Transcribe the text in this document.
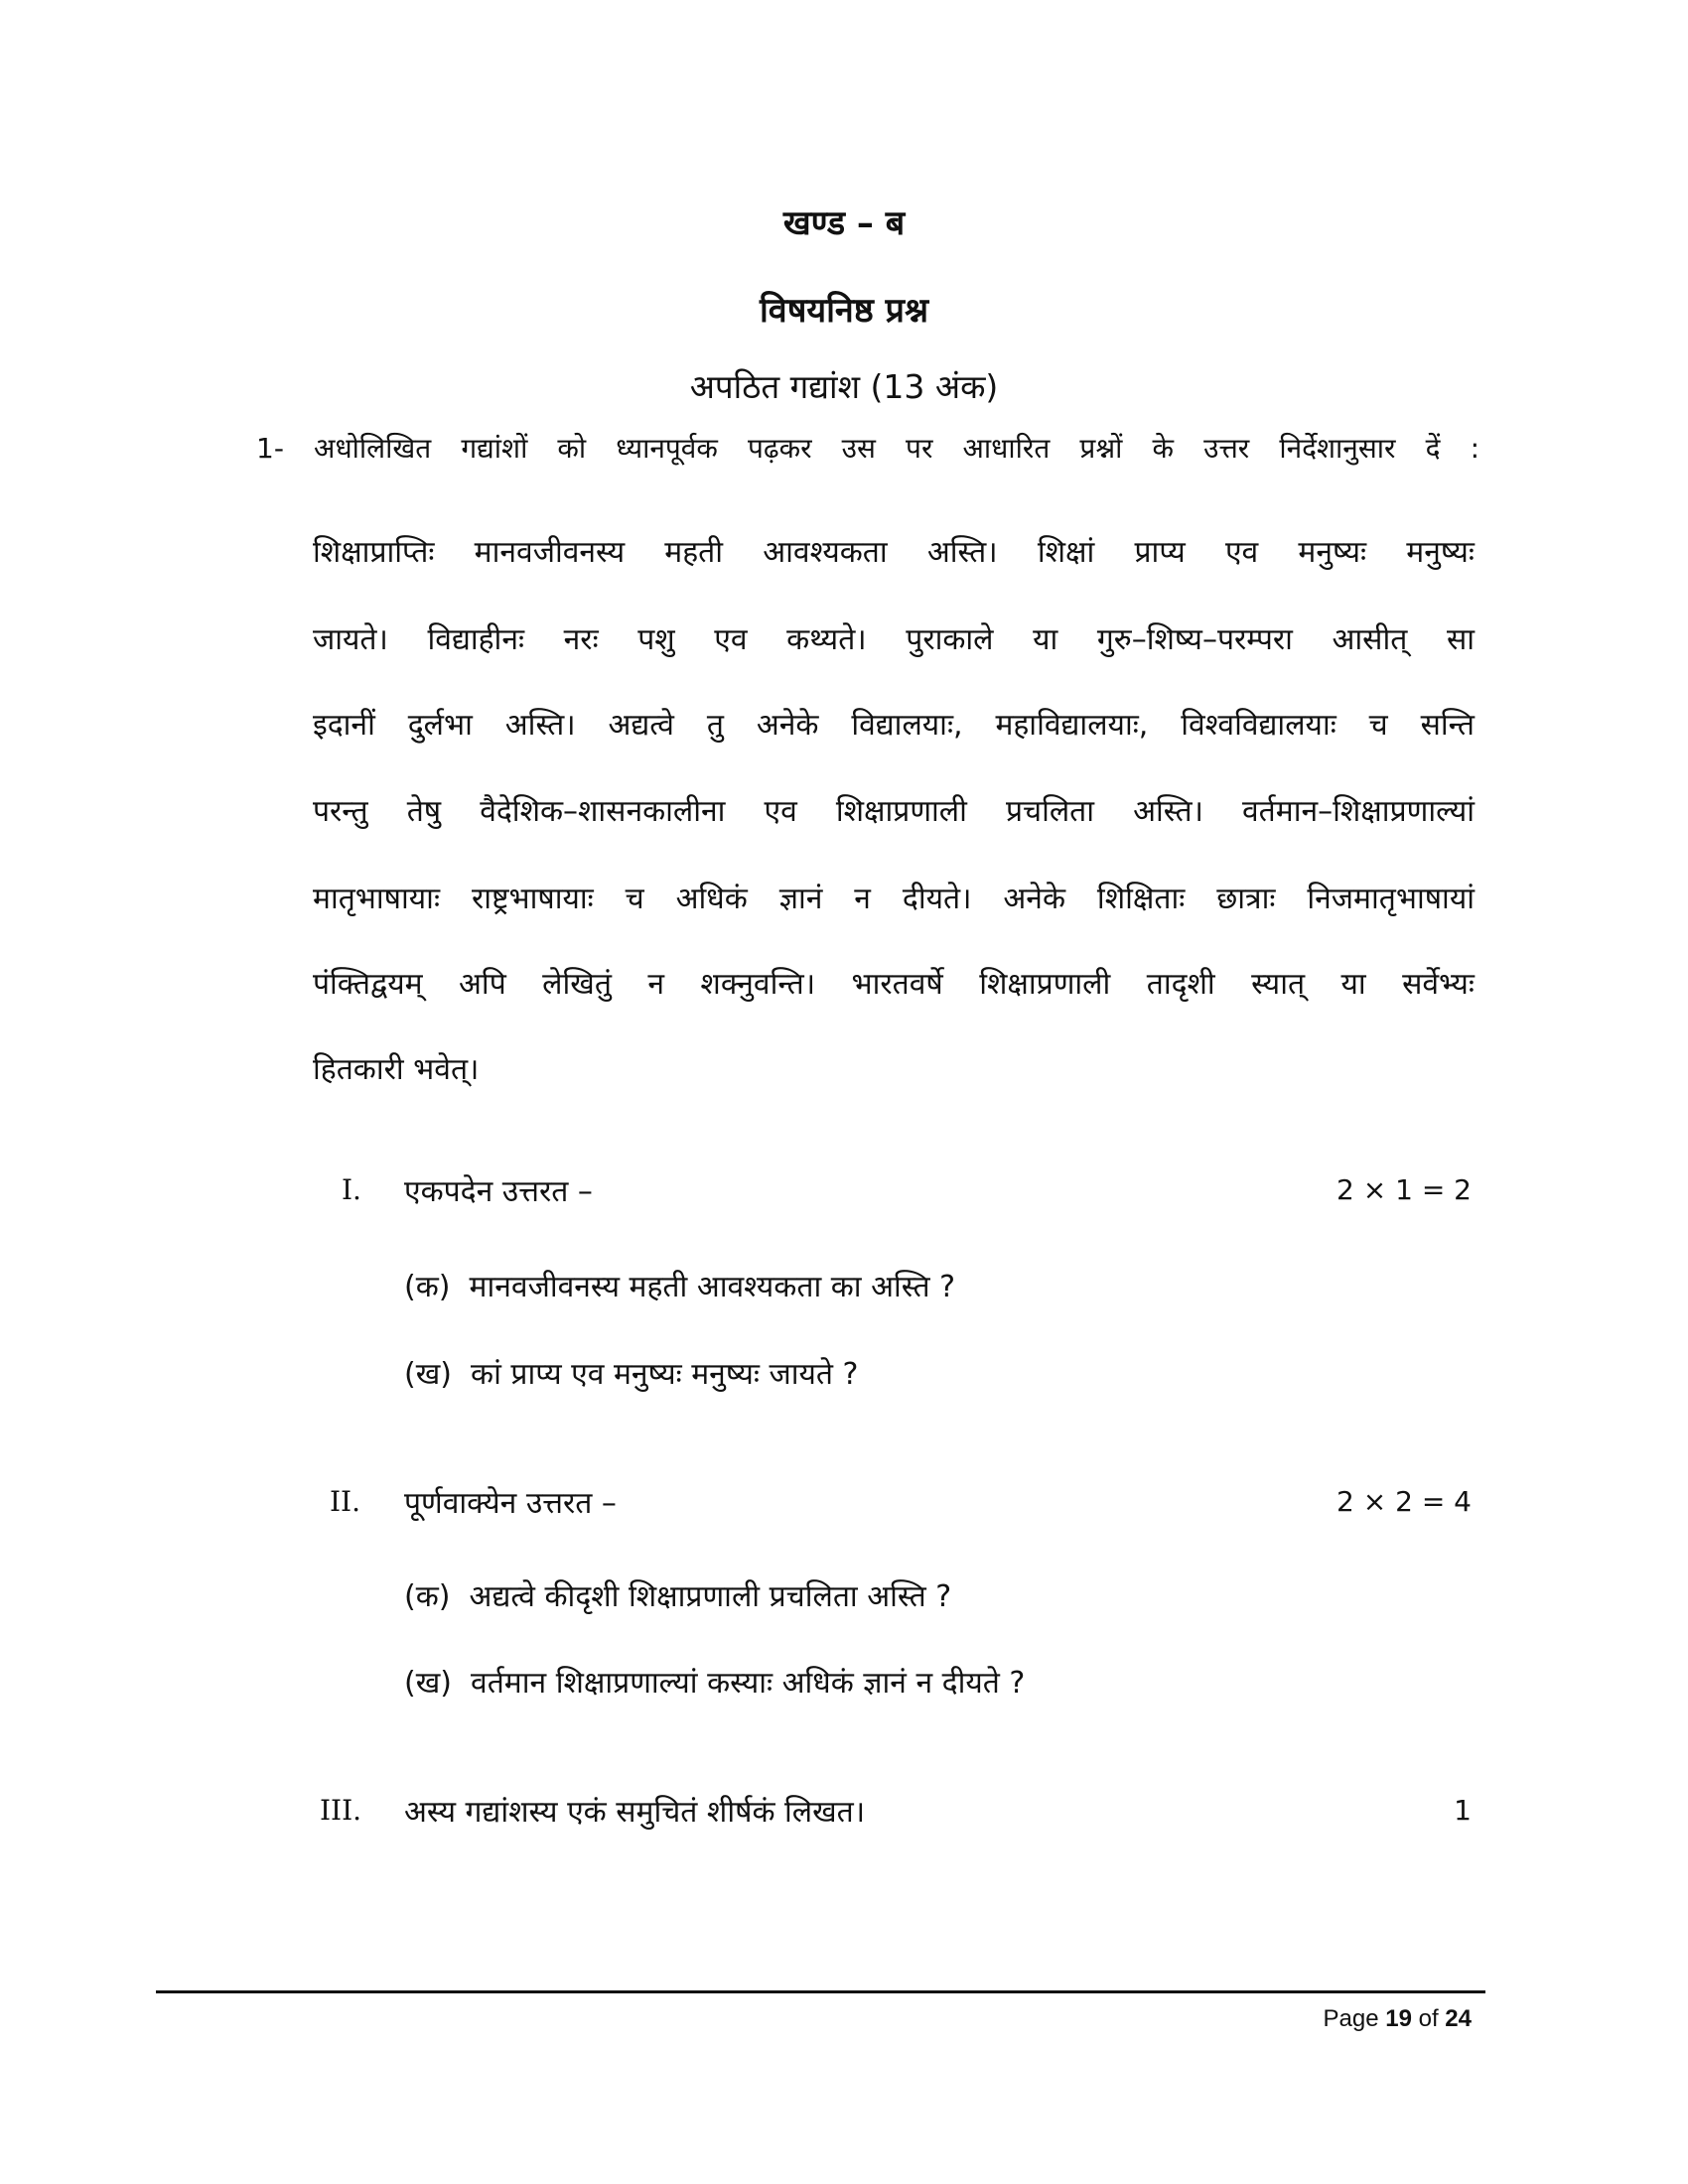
खण्ड – ब
विषयनिष्ठ प्रश्न
अपठित गद्यांश (13 अंक)
1- अधोलिखित गद्यांशों को ध्यानपूर्वक पढ़कर उस पर आधारित प्रश्नों के उत्तर निर्देशानुसार दें :
शिक्षाप्राप्तिः मानवजीवनस्य महती आवश्यकता अस्ति। शिक्षां प्राप्य एव मनुष्यः मनुष्यः
जायते। विद्याहीनः नरः पशु एव कथ्यते। पुराकाले या गुरु–शिष्य–परम्परा आसीत् सा
इदानीं दुर्लभा अस्ति। अद्यत्वे तु अनेके विद्यालयाः, महाविद्यालयाः, विश्वविद्यालयाः च सन्ति
परन्तु तेषु वैदेशिक–शासनकालीना एव शिक्षाप्रणाली प्रचलिता अस्ति। वर्तमान–शिक्षाप्रणाल्यां
मातृभाषायाः राष्ट्रभाषायाः च अधिकं ज्ञानं न दीयते। अनेके शिक्षिताः छात्राः निजमातृभाषायां
पंक्तिद्वयम् अपि लेखितुं न शक्नुवन्ति। भारतवर्षे शिक्षाप्रणाली तादृशी स्यात् या सर्वेभ्यः
हितकारी भवेत्।
I. एकपदेन उत्तरत –	2 × 1 = 2
(क) मानवजीवनस्य महती आवश्यकता का अस्ति ?
(ख) कां प्राप्य एव मनुष्यः मनुष्यः जायते ?
II. पूर्णवाक्येन उत्तरत –	2 × 2 = 4
(क) अद्यत्वे कीदृशी शिक्षाप्रणाली प्रचलिता अस्ति ?
(ख) वर्तमान शिक्षाप्रणाल्यां कस्याः अधिकं ज्ञानं न दीयते ?
III. अस्य गद्यांशस्य एकं समुचितं शीर्षकं लिखत।	1
Page 19 of 24
